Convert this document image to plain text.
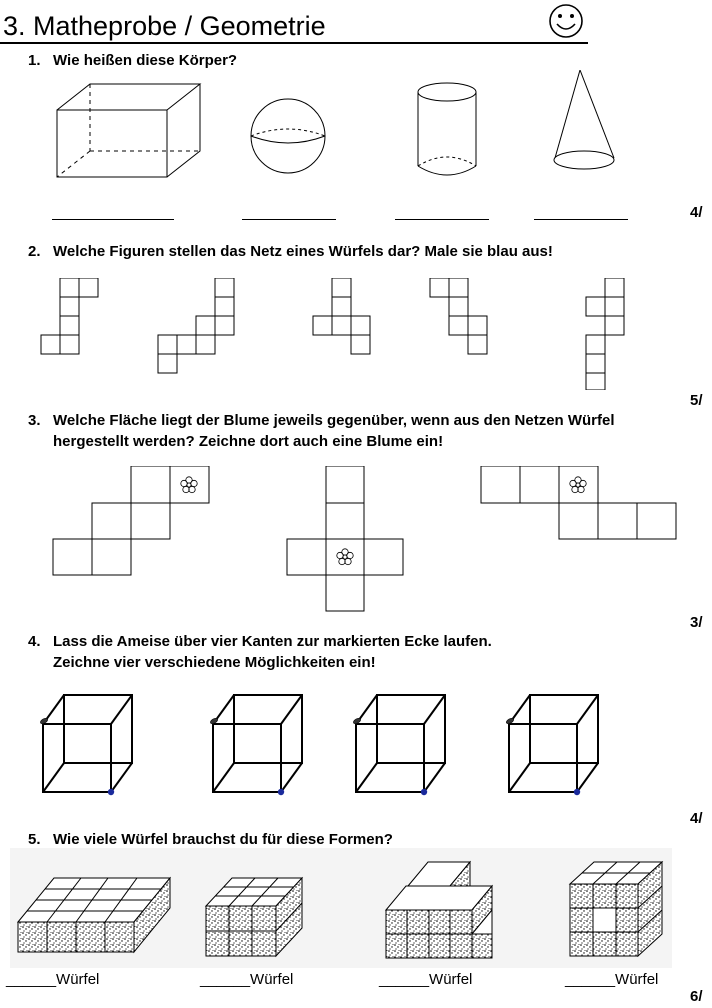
3. Matheprobe / Geometrie
1. Wie heißen diese Körper?
4/
2. Welche Figuren stellen das Netz eines Würfels dar? Male sie blau aus!
5/
3. Welche Fläche liegt der Blume jeweils gegenüber, wenn aus den Netzen Würfel
hergestellt werden? Zeichne dort auch eine Blume ein!
3/
4. Lass die Ameise über vier Kanten zur markierten Ecke laufen.
Zeichne vier verschiedene Möglichkeiten ein!
4/
5. Wie viele Würfel brauchst du für diese Formen?
______Würfel	______Würfel	______Würfel	______Würfel
6/
